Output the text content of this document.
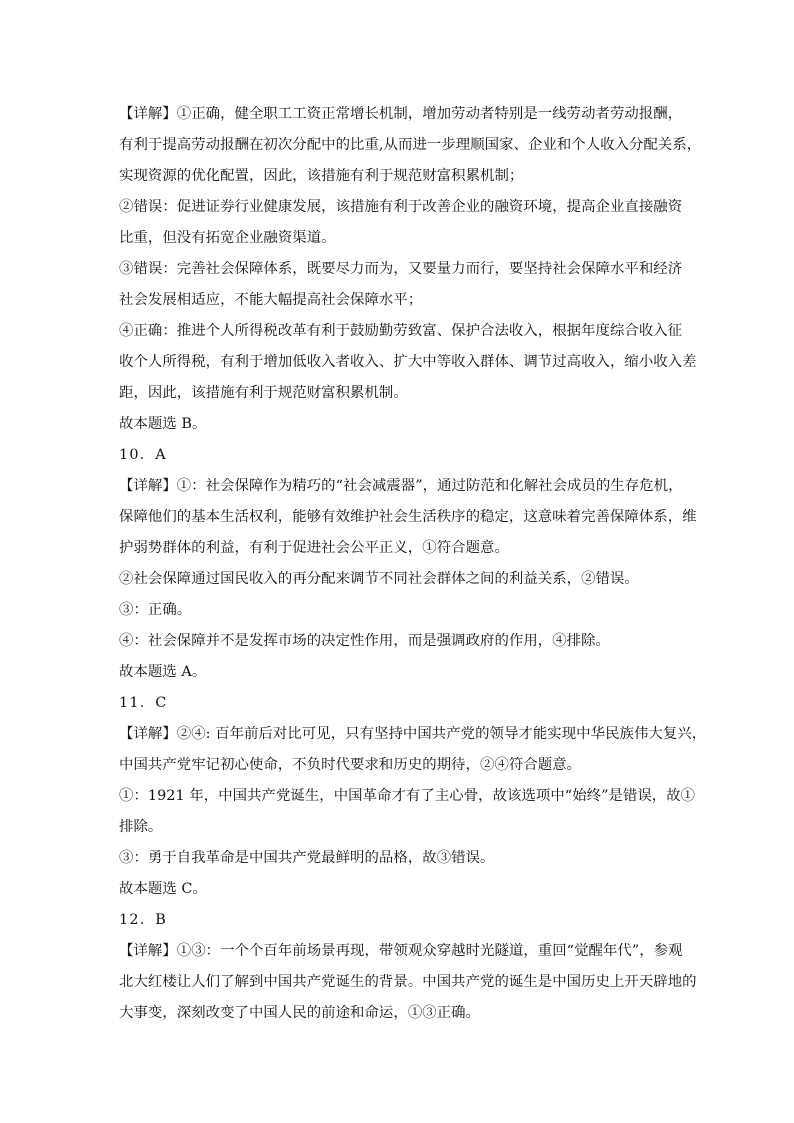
【详解】①正确，健全职工工资正常增长机制，增加劳动者特别是一线劳动者劳动报酬，
有利于提高劳动报酬在初次分配中的比重,从而进一步理顺国家、企业和个人收入分配关系，
实现资源的优化配置，因此，该措施有利于规范财富积累机制；
②错误：促进证券行业健康发展，该措施有利于改善企业的融资环境，提高企业直接融资
比重，但没有拓宽企业融资渠道。
③错误：完善社会保障体系，既要尽力而为，又要量力而行，要坚持社会保障水平和经济
社会发展相适应，不能大幅提高社会保障水平；
④正确：推进个人所得税改革有利于鼓励勤劳致富、保护合法收入，根据年度综合收入征
收个人所得税，有利于增加低收入者收入、扩大中等收入群体、调节过高收入，缩小收入差
距，因此，该措施有利于规范财富积累机制。
故本题选 B。
10．A
【详解】①：社会保障作为精巧的“社会减震器”，通过防范和化解社会成员的生存危机，
保障他们的基本生活权利，能够有效维护社会生活秩序的稳定，这意味着完善保障体系，维
护弱势群体的利益，有利于促进社会公平正义，①符合题意。
②社会保障通过国民收入的再分配来调节不同社会群体之间的利益关系，②错误。
③：正确。
④：社会保障并不是发挥市场的决定性作用，而是强调政府的作用，④排除。
故本题选 A。
11．C
【详解】②④: 百年前后对比可见，只有坚持中国共产党的领导才能实现中华民族伟大复兴，
中国共产党牢记初心使命，不负时代要求和历史的期待，②④符合题意。
①：1921 年，中国共产党诞生，中国革命才有了主心骨，故该选项中“始终”是错误，故①
排除。
③：勇于自我革命是中国共产党最鲜明的品格，故③错误。
故本题选 C。
12．B
【详解】①③：一个个百年前场景再现，带领观众穿越时光隧道，重回“觉醒年代”，参观
北大红楼让人们了解到中国共产党诞生的背景。中国共产党的诞生是中国历史上开天辟地的
大事变，深刻改变了中国人民的前途和命运，①③正确。
